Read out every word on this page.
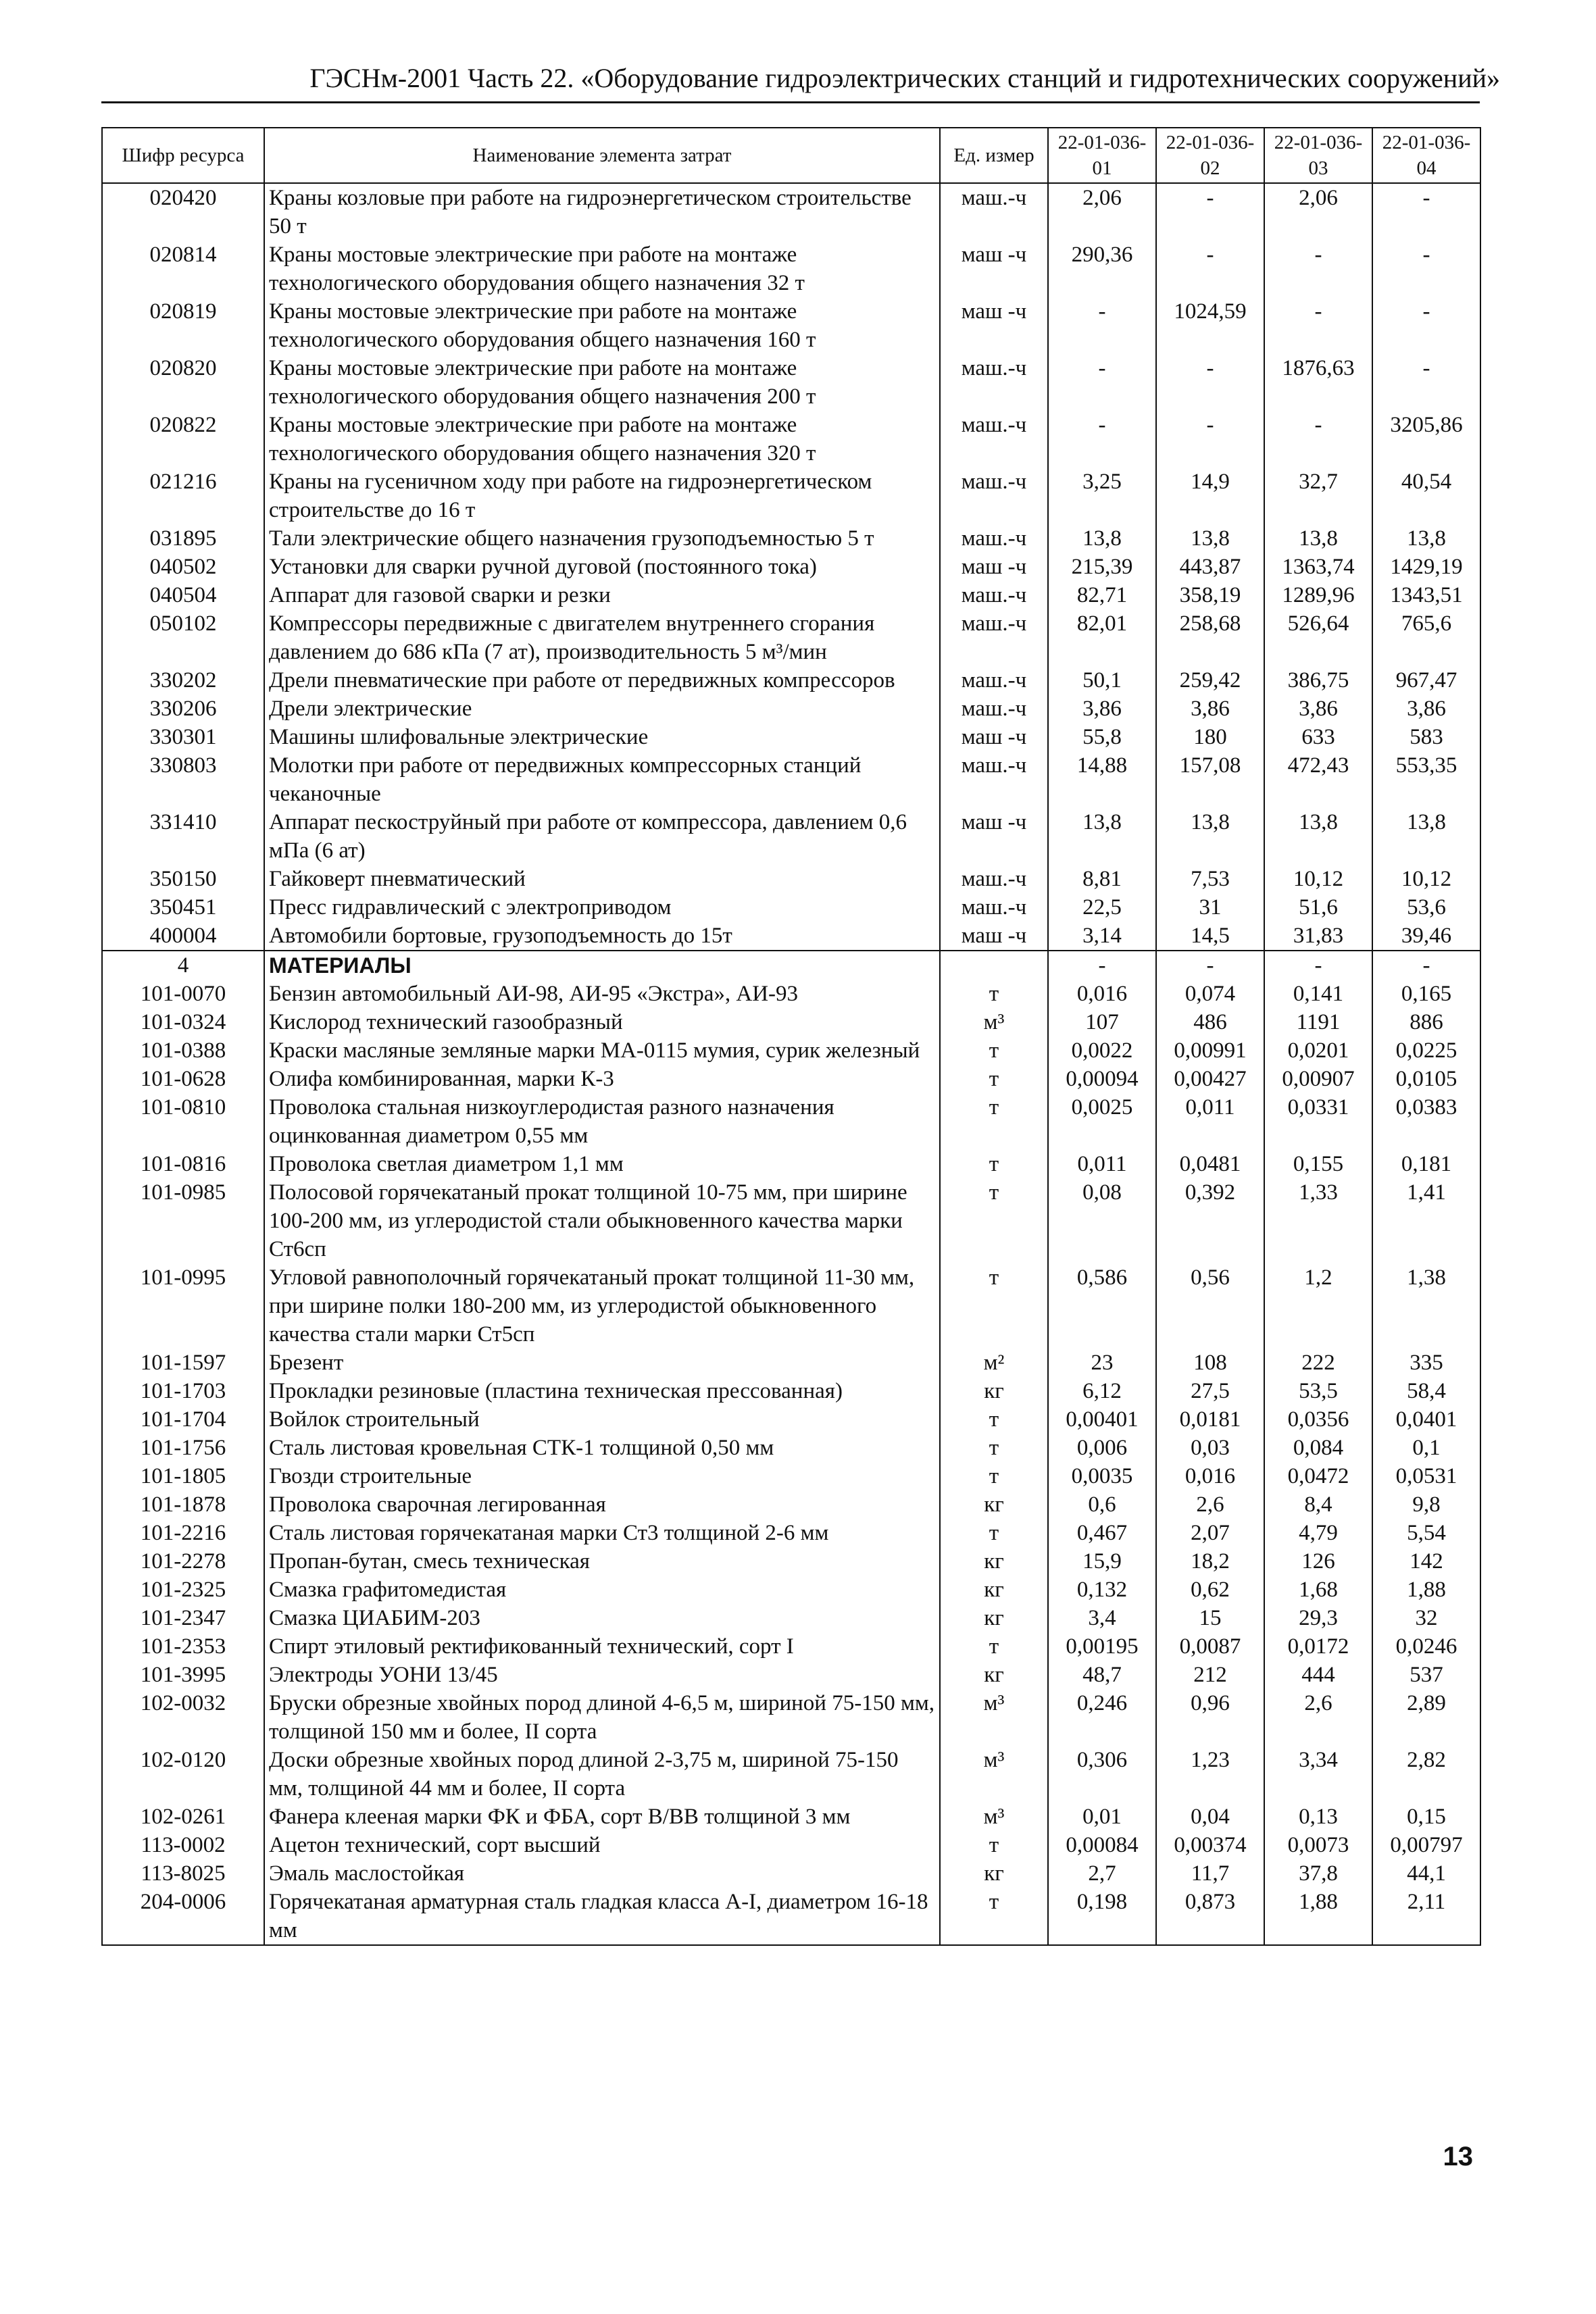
ГЭСНм-2001 Часть 22. «Оборудование гидроэлектрических станций и гидротехнических сооружений»
Шифр ресурса	Наименование элемента затрат	Ед. измер	22-01-036-01	22-01-036-02	22-01-036-03	22-01-036-04
020420	Краны козловые при работе на гидроэнергетическом строительстве 50 т	маш.-ч	2,06	-	2,06	-
020814	Краны мостовые электрические при работе на монтаже технологического оборудования общего назначения 32 т	маш -ч	290,36	-	-	-
020819	Краны мостовые электрические при работе на монтаже технологического оборудования общего назначения 160 т	маш -ч	-	1024,59	-	-
020820	Краны мостовые электрические при работе на монтаже технологического оборудования общего назначения 200 т	маш.-ч	-	-	1876,63	-
020822	Краны мостовые электрические при работе на монтаже технологического оборудования общего назначения 320 т	маш.-ч	-	-	-	3205,86
021216	Краны на гусеничном ходу при работе на гидроэнергетическом строительстве до 16 т	маш.-ч	3,25	14,9	32,7	40,54
031895	Тали электрические общего назначения грузоподъемностью 5 т	маш.-ч	13,8	13,8	13,8	13,8
040502	Установки для сварки ручной дуговой (постоянного тока)	маш -ч	215,39	443,87	1363,74	1429,19
040504	Аппарат для газовой сварки и резки	маш.-ч	82,71	358,19	1289,96	1343,51
050102	Компрессоры передвижные с двигателем внутреннего сгорания давлением до 686 кПа (7 ат), производительность 5 м³/мин	маш.-ч	82,01	258,68	526,64	765,6
330202	Дрели пневматические при работе от передвижных компрессоров	маш.-ч	50,1	259,42	386,75	967,47
330206	Дрели электрические	маш.-ч	3,86	3,86	3,86	3,86
330301	Машины шлифовальные электрические	маш -ч	55,8	180	633	583
330803	Молотки при работе от передвижных компрессорных станций чеканочные	маш.-ч	14,88	157,08	472,43	553,35
331410	Аппарат пескоструйный при работе от компрессора, давлением 0,6 мПа (6 ат)	маш -ч	13,8	13,8	13,8	13,8
350150	Гайковерт пневматический	маш.-ч	8,81	7,53	10,12	10,12
350451	Пресс гидравлический с электроприводом	маш.-ч	22,5	31	51,6	53,6
400004	Автомобили бортовые, грузоподъемность до 15т	маш -ч	3,14	14,5	31,83	39,46
4	МАТЕРИАЛЫ		-	-	-	-
101-0070	Бензин автомобильный АИ-98, АИ-95 «Экстра», АИ-93	т	0,016	0,074	0,141	0,165
101-0324	Кислород технический газообразный	м³	107	486	1191	886
101-0388	Краски масляные земляные марки МА-0115 мумия, сурик железный	т	0,0022	0,00991	0,0201	0,0225
101-0628	Олифа комбинированная, марки К-3	т	0,00094	0,00427	0,00907	0,0105
101-0810	Проволока стальная низкоуглеродистая разного назначения оцинкованная диаметром 0,55 мм	т	0,0025	0,011	0,0331	0,0383
101-0816	Проволока светлая диаметром 1,1 мм	т	0,011	0,0481	0,155	0,181
101-0985	Полосовой горячекатаный прокат толщиной 10-75 мм, при ширине 100-200 мм, из углеродистой стали обыкновенного качества марки Ст6сп	т	0,08	0,392	1,33	1,41
101-0995	Угловой равнополочный горячекатаный прокат толщиной 11-30 мм, при ширине полки 180-200 мм, из углеродистой обыкновенного качества стали марки Ст5сп	т	0,586	0,56	1,2	1,38
101-1597	Брезент	м²	23	108	222	335
101-1703	Прокладки резиновые (пластина техническая прессованная)	кг	6,12	27,5	53,5	58,4
101-1704	Войлок строительный	т	0,00401	0,0181	0,0356	0,0401
101-1756	Сталь листовая кровельная СТК-1 толщиной 0,50 мм	т	0,006	0,03	0,084	0,1
101-1805	Гвозди строительные	т	0,0035	0,016	0,0472	0,0531
101-1878	Проволока сварочная легированная	кг	0,6	2,6	8,4	9,8
101-2216	Сталь листовая горячекатаная марки Ст3 толщиной 2-6 мм	т	0,467	2,07	4,79	5,54
101-2278	Пропан-бутан, смесь техническая	кг	15,9	18,2	126	142
101-2325	Смазка графитомедистая	кг	0,132	0,62	1,68	1,88
101-2347	Смазка ЦИАБИМ-203	кг	3,4	15	29,3	32
101-2353	Спирт этиловый ректификованный технический, сорт I	т	0,00195	0,0087	0,0172	0,0246
101-3995	Электроды УОНИ 13/45	кг	48,7	212	444	537
102-0032	Бруски обрезные хвойных пород длиной 4-6,5 м, шириной 75-150 мм, толщиной 150 мм и более, II сорта	м³	0,246	0,96	2,6	2,89
102-0120	Доски обрезные хвойных пород длиной 2-3,75 м, шириной 75-150 мм, толщиной 44 мм и более, II сорта	м³	0,306	1,23	3,34	2,82
102-0261	Фанера клееная марки ФК и ФБА, сорт В/ВВ толщиной 3 мм	м³	0,01	0,04	0,13	0,15
113-0002	Ацетон технический, сорт высший	т	0,00084	0,00374	0,0073	0,00797
113-8025	Эмаль маслостойкая	кг	2,7	11,7	37,8	44,1
204-0006	Горячекатаная арматурная сталь гладкая класса А-I, диаметром 16-18 мм	т	0,198	0,873	1,88	2,11
13
